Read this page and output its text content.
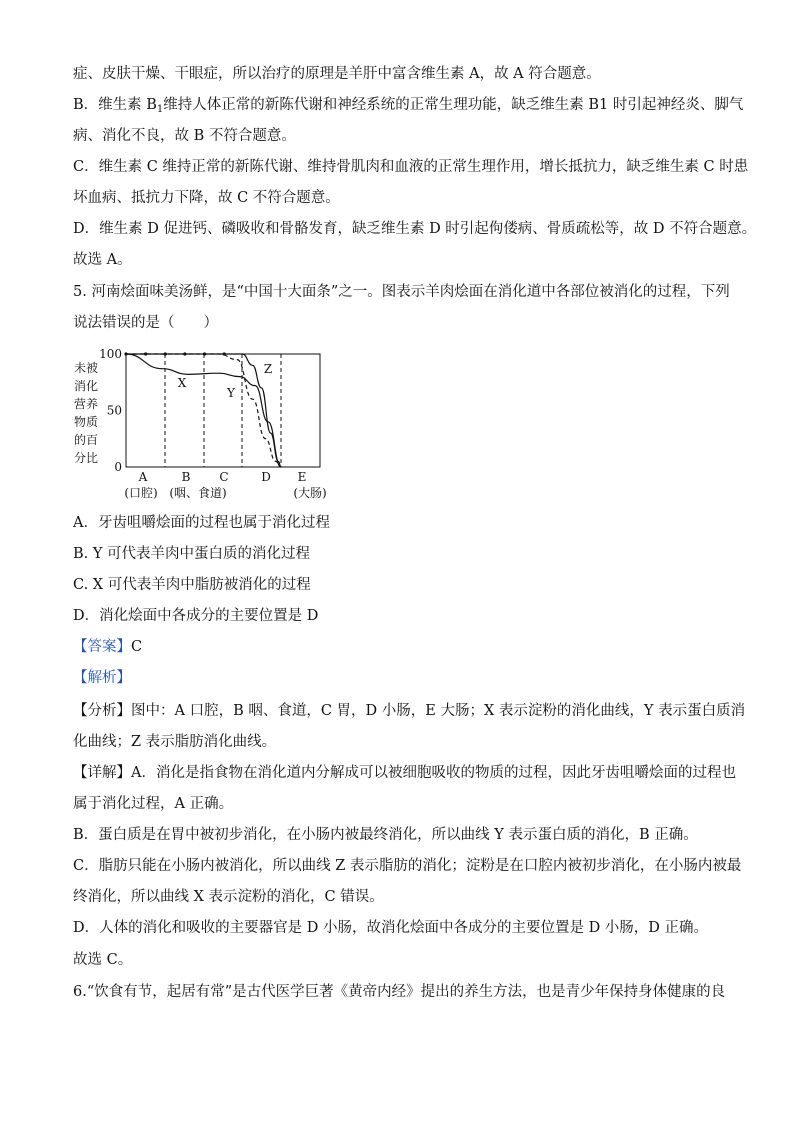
症、皮肤干燥、干眼症，所以治疗的原理是羊肝中富含维生素 A，故 A 符合题意。
B．维生素 $B_1$维持人体正常的新陈代谢和神经系统的正常生理功能，缺乏维生素 B1 时引起神经炎、脚气
病、消化不良，故 B 不符合题意。
C．维生素 C 维持正常的新陈代谢、维持骨肌肉和血液的正常生理作用，增长抵抗力，缺乏维生素 C 时患
坏血病、抵抗力下降，故 C 不符合题意。
D．维生素 D 促进钙、磷吸收和骨骼发育，缺乏维生素 D 时引起佝偻病、骨质疏松等，故 D 不符合题意。
故选 A。
5. 河南烩面味美汤鲜，是“中国十大面条”之一。图表示羊肉烩面在消化道中各部位被消化的过程，下列
说法错误的是（　　）
100
50
0
未被
消化
营养
物质
的百
分比
A	B C	D E
(口腔) (咽、食道)	(大肠)
X
Y
Z
A．牙齿咀嚼烩面的过程也属于消化过程
B. Y 可代表羊肉中蛋白质的消化过程
C. X 可代表羊肉中脂肪被消化的过程
D．消化烩面中各成分的主要位置是 D
【答案】C
【解析】
【分析】图中：A 口腔，B 咽、食道，C 胃，D 小肠，E 大肠；X 表示淀粉的消化曲线，Y 表示蛋白质消
化曲线；Z 表示脂肪消化曲线。
【详解】A．消化是指食物在消化道内分解成可以被细胞吸收的物质的过程，因此牙齿咀嚼烩面的过程也
属于消化过程，A 正确。
B．蛋白质是在胃中被初步消化，在小肠内被最终消化，所以曲线 Y 表示蛋白质的消化，B 正确。
C．脂肪只能在小肠内被消化，所以曲线 Z 表示脂肪的消化；淀粉是在口腔内被初步消化，在小肠内被最
终消化，所以曲线 X 表示淀粉的消化，C 错误。
D．人体的消化和吸收的主要器官是 D 小肠，故消化烩面中各成分的主要位置是 D 小肠，D 正确。
故选 C。
6.“饮食有节，起居有常”是古代医学巨著《黄帝内经》提出的养生方法，也是青少年保持身体健康的良
